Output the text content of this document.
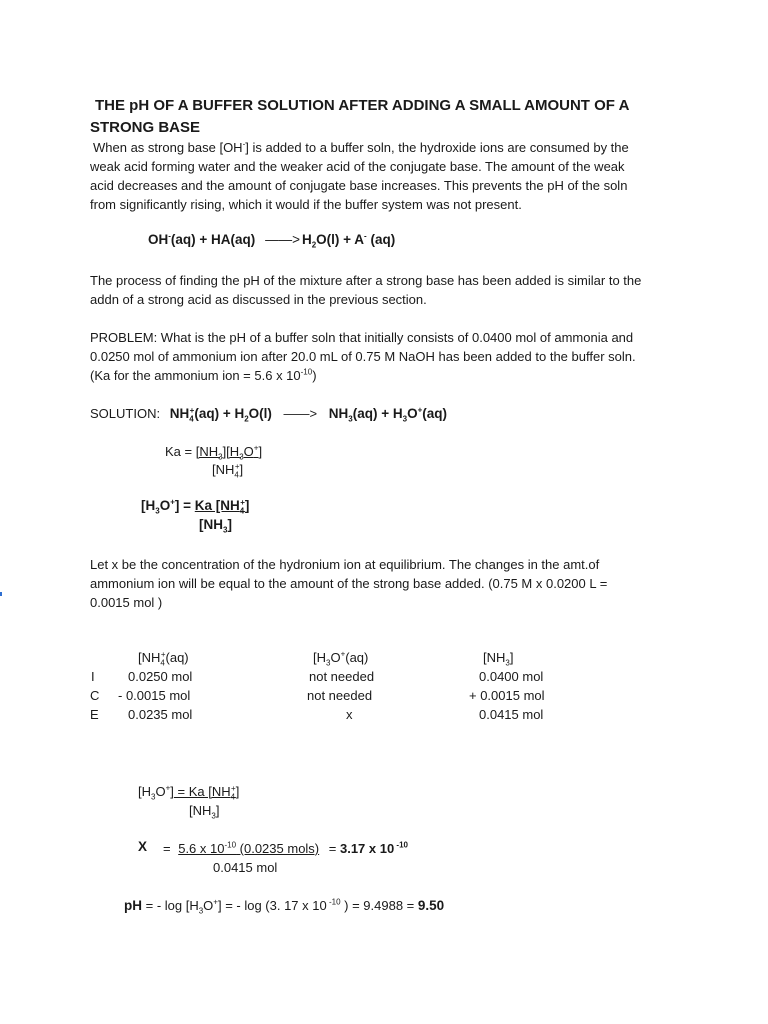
THE pH OF A BUFFER SOLUTION AFTER ADDING A SMALL AMOUNT OF A
STRONG BASE
When as strong base [OH-] is added to a buffer soln, the hydroxide ions are consumed by the
weak acid forming water and the weaker acid of the conjugate base. The amount of the weak
acid decreases and the amount of conjugate base increases. This prevents the pH of the soln
from significantly rising, which it would if the buffer system was not present.
OH-(aq) + HA(aq) ——> $H_2O(l) + A^-$ (aq)
The process of finding the pH of the mixture after a strong base has been added is similar to the
addn of a strong acid as discussed in the previous section.
PROBLEM: What is the pH of a buffer soln that initially consists of 0.0400 mol of ammonia and
0.0250 mol of ammonium ion after 20.0 mL of 0.75 M NaOH has been added to the buffer soln.
(Ka for the ammonium ion = 5.6 x $10^{-10}$)
SOLUTION: $NH_4^+(aq) + H_2O(l)$ ——> $NH_3(aq) + H_3O^+(aq)$
$Ka = [NH_3][H_3O^+]$
$[NH_4^+]$
$[H_3O^+] = Ka$ $[NH_4^+]$
$[NH_3]$
Let x be the concentration of the hydronium ion at equilibrium. The changes in the amt.of
ammonium ion will be equal to the amount of the strong base added. (0.75 M x 0.0200 L =
0.0015 mol )
[$NH_4^+(aq)$	[$H_3O^+(aq)$	$[NH_3]$
I	0.0250 mol	not needed	0.0400 mol
C - 0.0015 mol	not needed	+ 0.0015 mol
E 0.0235 mol	x	0.0415 mol
$[H_3O^+] = Ka$ $[NH_4^+]$
$[NH_3]$
X = 5.6 x $10^{-10}$ (0.0235 mols) = 3.17 x 10 $^{-10}$
0.0415 mol
pH = - $\log [H_3O^+]$ = - log (3. 17 x 10 $^{-10}$ ) = 9.4988 = 9.50
